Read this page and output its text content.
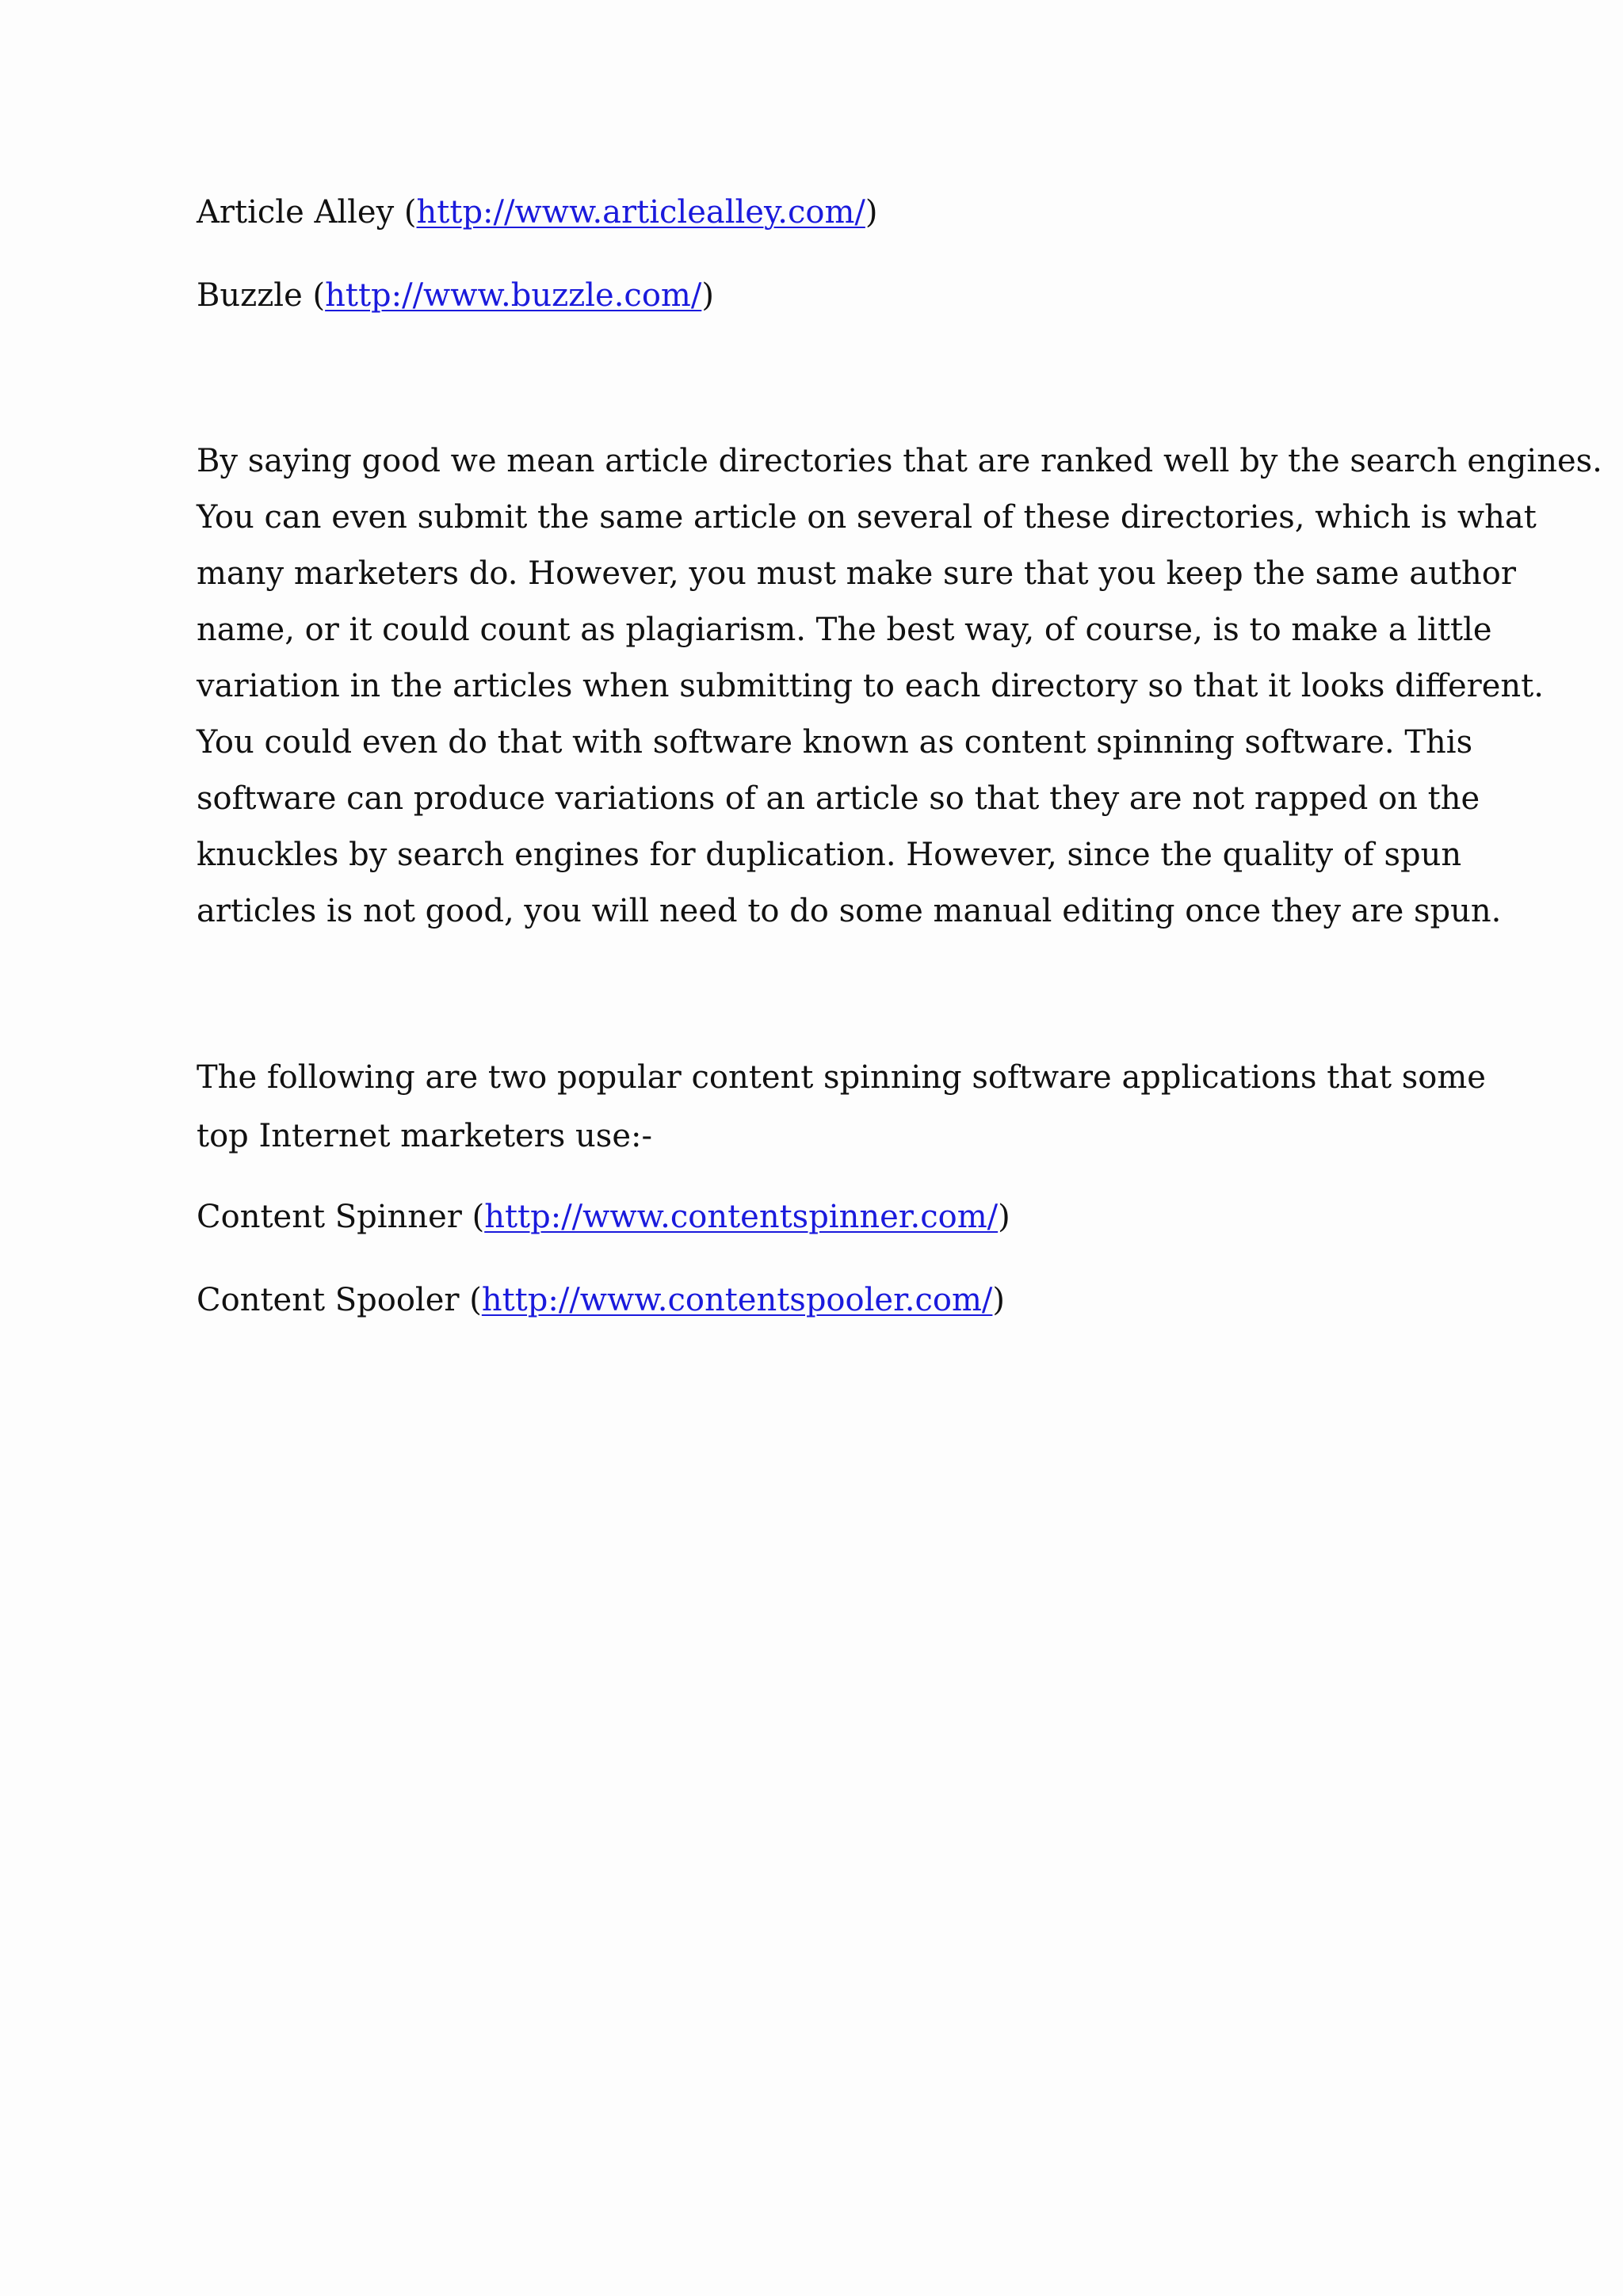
Article Alley (http://www.articlealley.com/)
Buzzle (http://www.buzzle.com/)

By saying good we mean article directories that are ranked well by the search engines.
You can even submit the same article on several of these directories, which is what
many marketers do. However, you must make sure that you keep the same author
name, or it could count as plagiarism. The best way, of course, is to make a little
variation in the articles when submitting to each directory so that it looks different.
You could even do that with software known as content spinning software. This
software can produce variations of an article so that they are not rapped on the
knuckles by search engines for duplication. However, since the quality of spun
articles is not good, you will need to do some manual editing once they are spun.

The following are two popular content spinning software applications that some
top Internet marketers use:-

Content Spinner (http://www.contentspinner.com/)
Content Spooler (http://www.contentspooler.com/)
